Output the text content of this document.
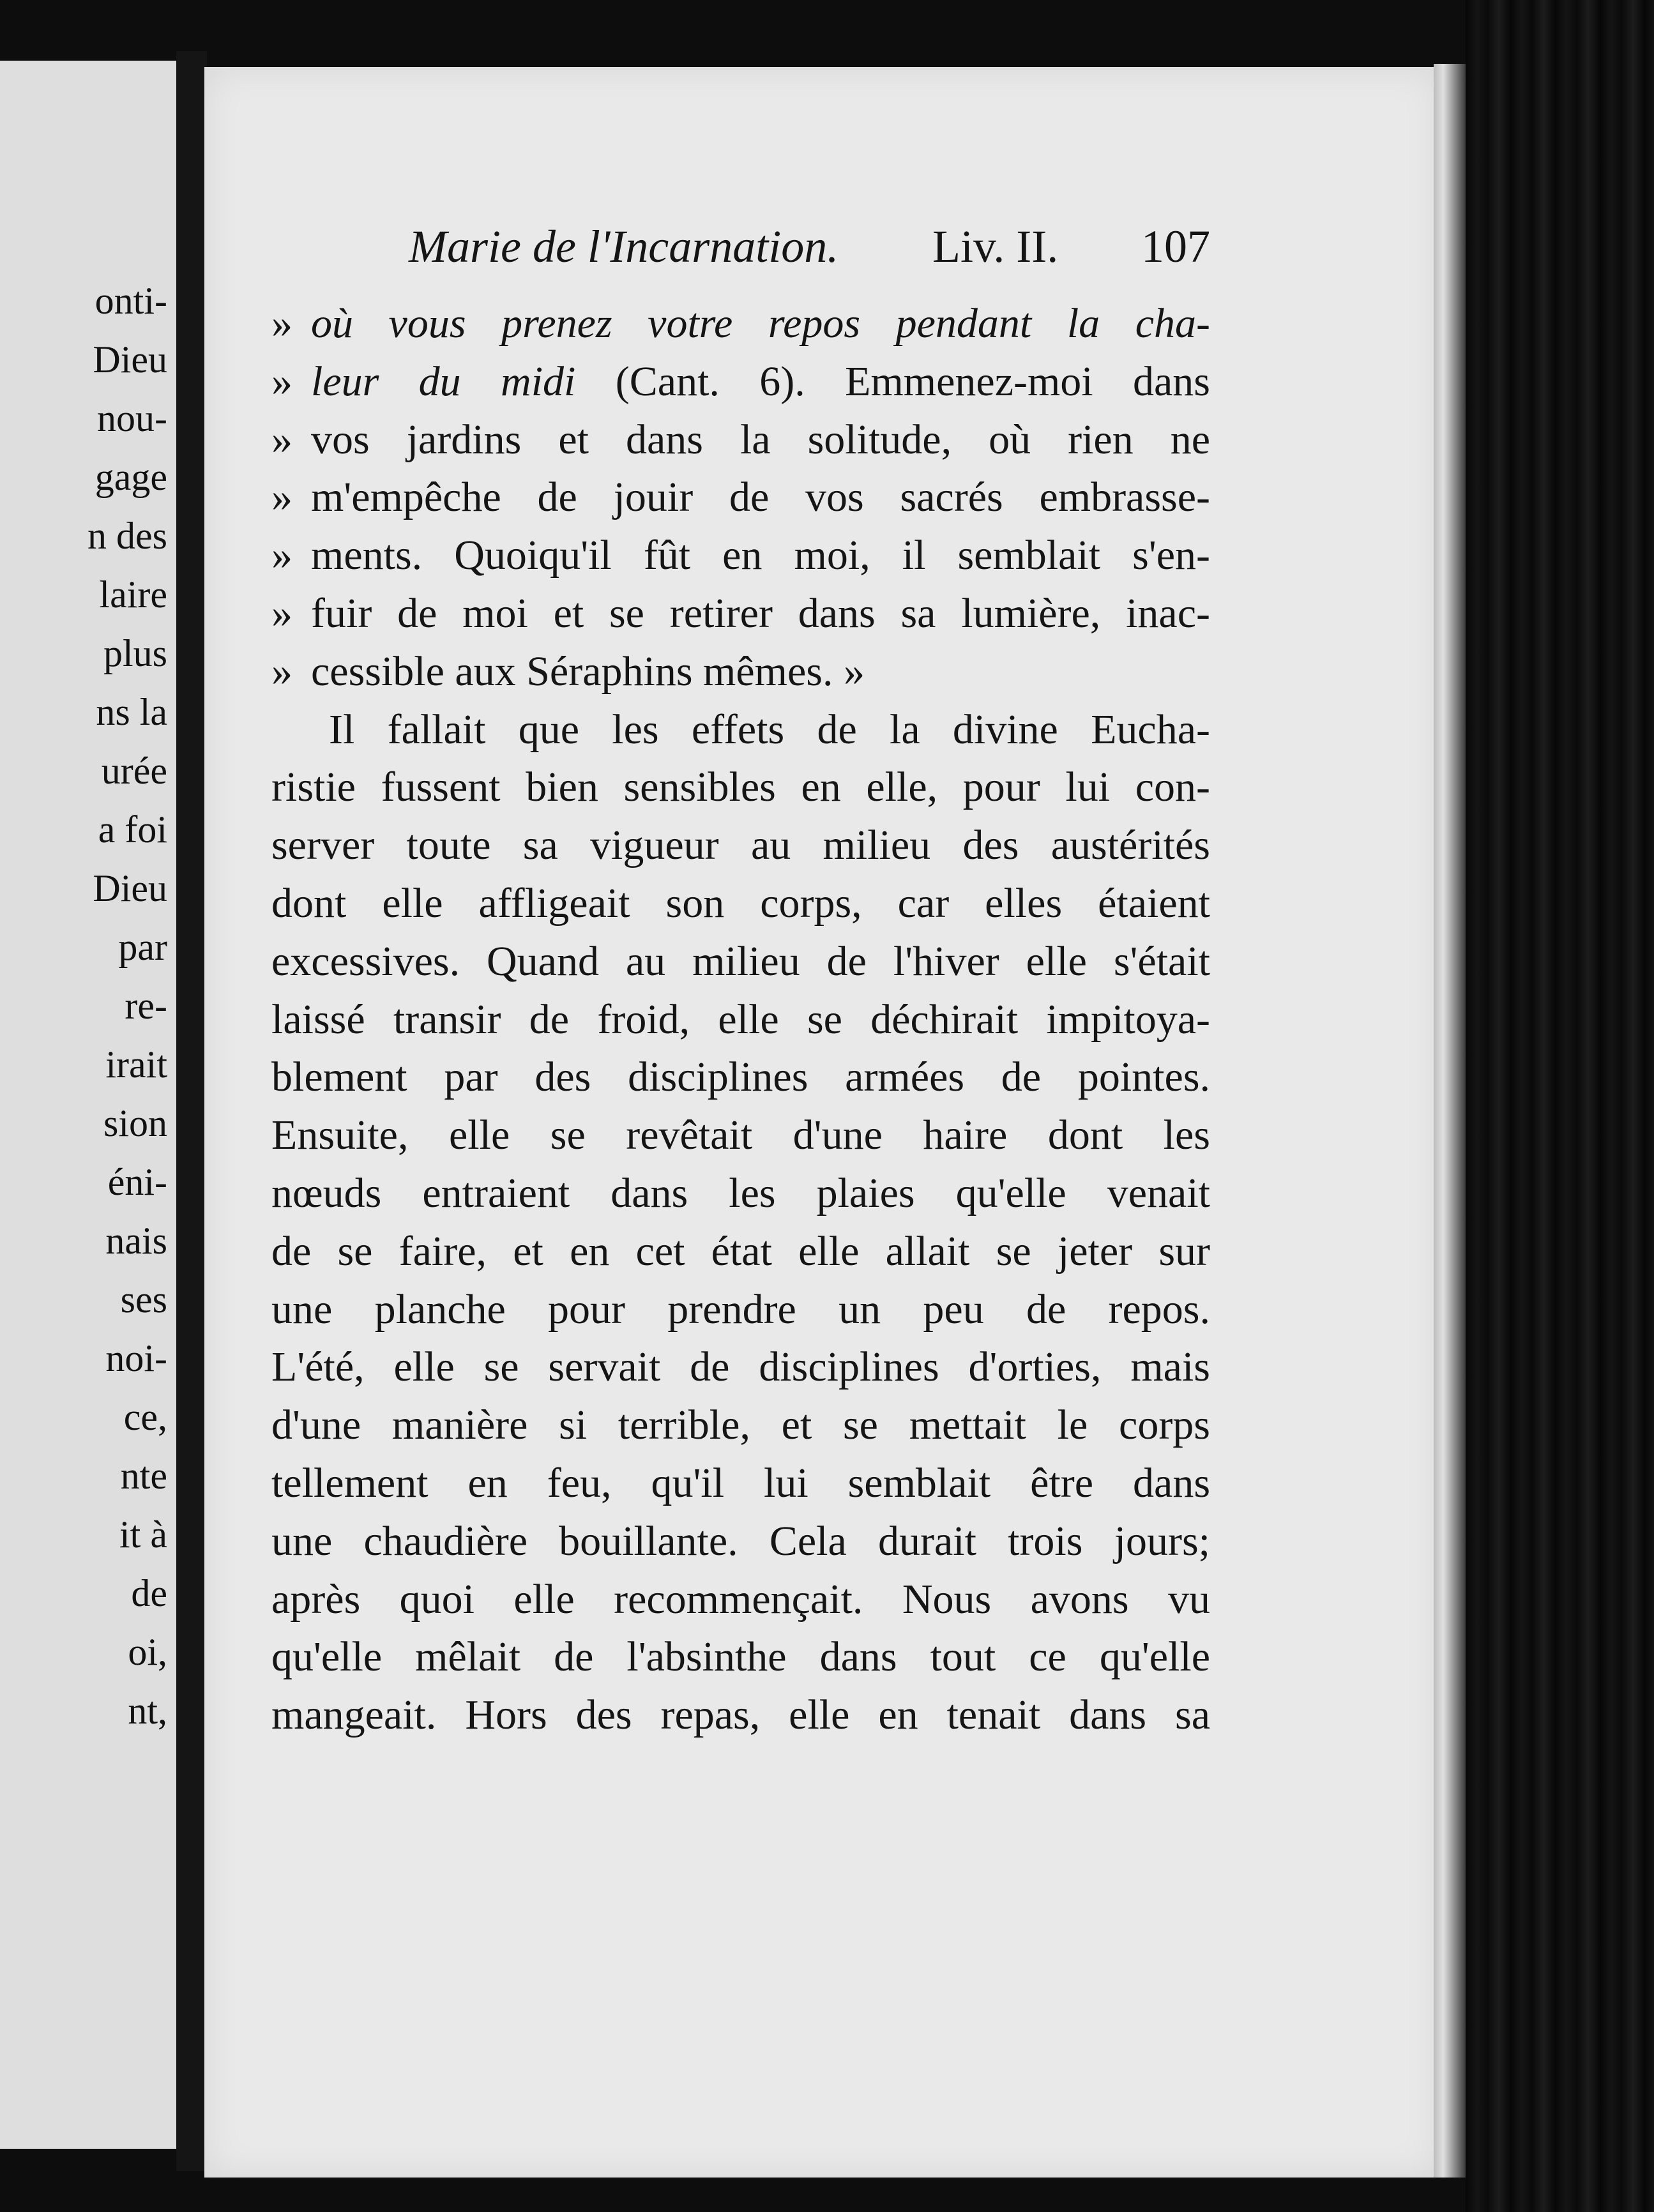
onti-
Dieu
nou-
gage
n des
laire
plus
ns la
urée
a foi
Dieu
par
re-
irait
sion
éni-
nais
ses
noi-
ce,
nte
it à
de
oi,
nt,
Marie de l'Incarnation. Liv. II. 107
» où vous prenez votre repos pendant la cha-
» leur du midi (Cant. 6). Emmenez-moi dans
» vos jardins et dans la solitude, où rien ne
» m'empêche de jouir de vos sacrés embrasse-
» ments. Quoiqu'il fût en moi, il semblait s'en-
» fuir de moi et se retirer dans sa lumière, inac-
» cessible aux Séraphins mêmes. »
Il fallait que les effets de la divine Eucha-
ristie fussent bien sensibles en elle, pour lui con-
server toute sa vigueur au milieu des austérités
dont elle affligeait son corps, car elles étaient
excessives. Quand au milieu de l'hiver elle s'était
laissé transir de froid, elle se déchirait impitoya-
blement par des disciplines armées de pointes.
Ensuite, elle se revêtait d'une haire dont les
nœuds entraient dans les plaies qu'elle venait
de se faire, et en cet état elle allait se jeter sur
une planche pour prendre un peu de repos.
L'été, elle se servait de disciplines d'orties, mais
d'une manière si terrible, et se mettait le corps
tellement en feu, qu'il lui semblait être dans
une chaudière bouillante. Cela durait trois jours;
après quoi elle recommençait. Nous avons vu
qu'elle mêlait de l'absinthe dans tout ce qu'elle
mangeait. Hors des repas, elle en tenait dans sa
